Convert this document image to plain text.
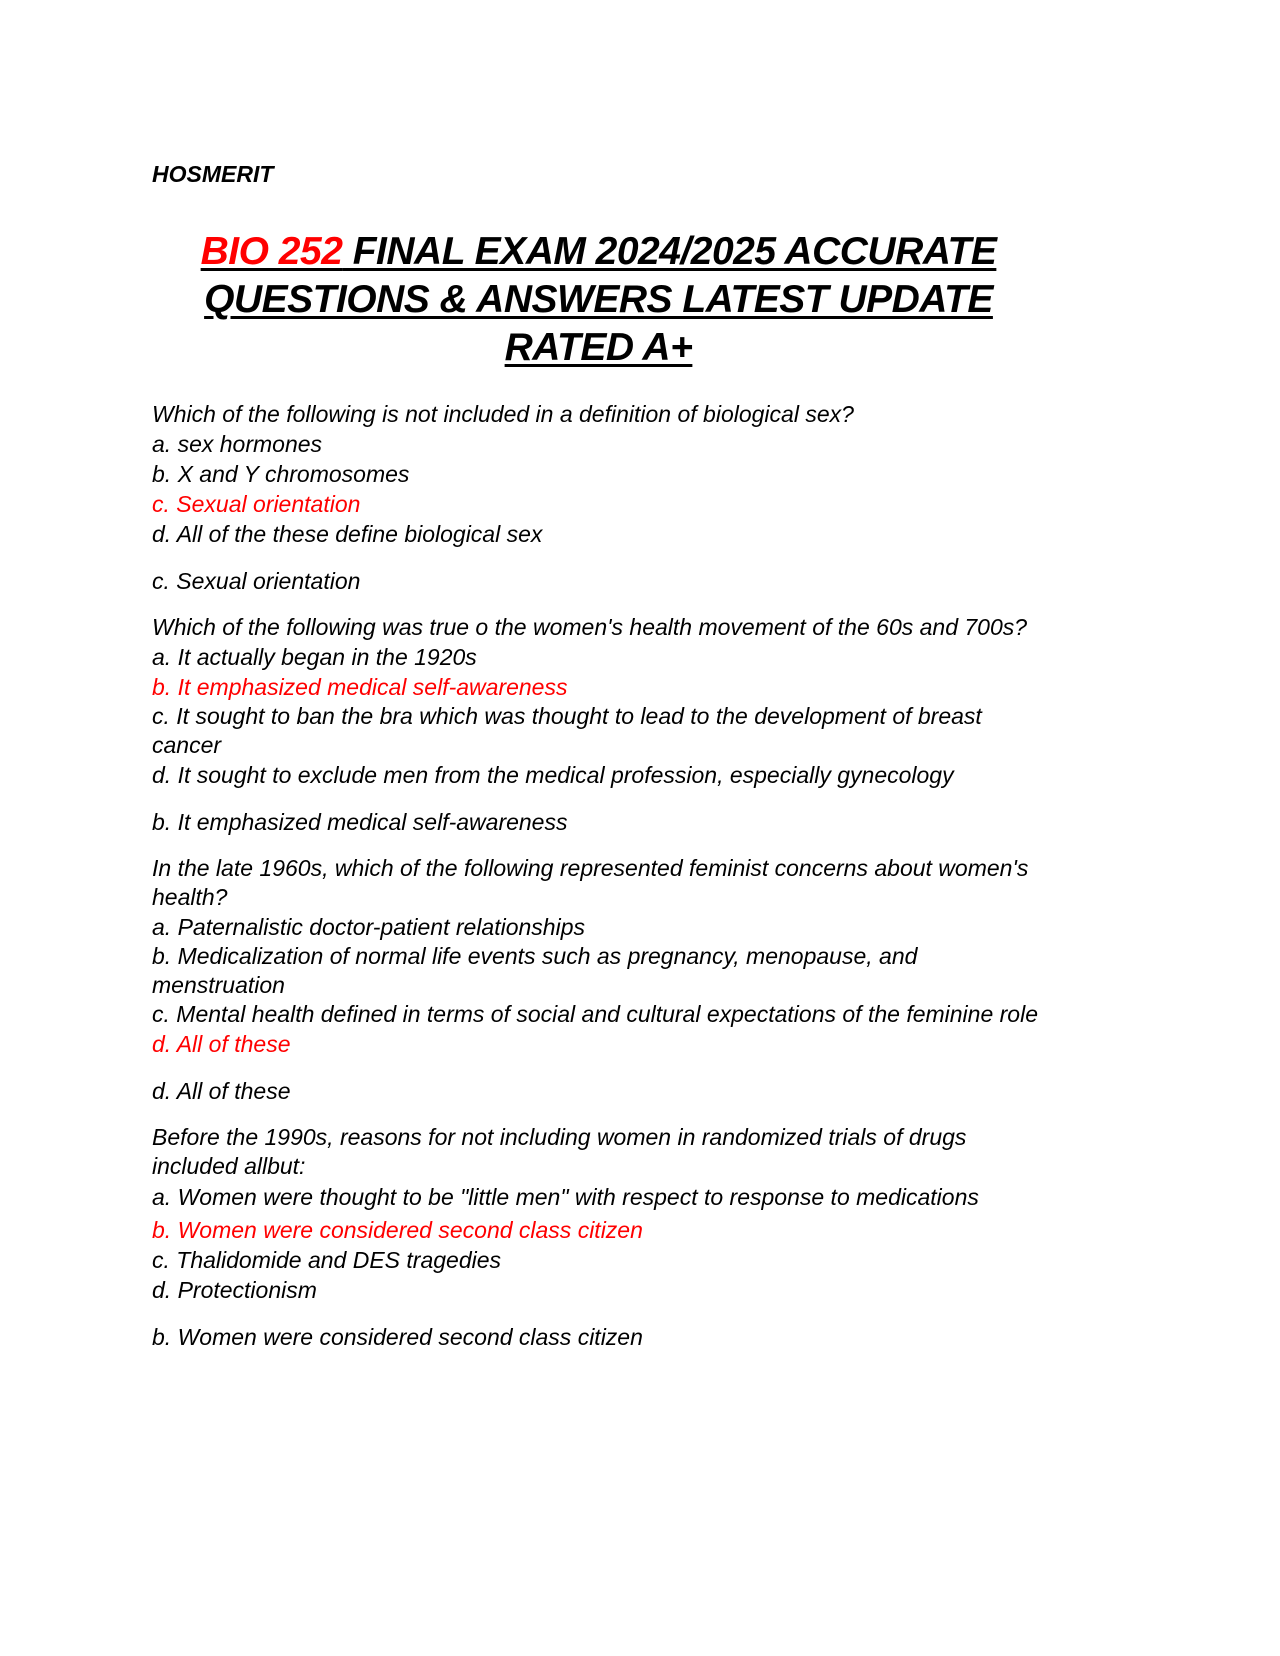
HOSMERIT

BIO 252 FINAL EXAM 2024/2025 ACCURATE QUESTIONS & ANSWERS LATEST UPDATE RATED A+

Which of the following is not included in a definition of biological sex?

a. sex hormones

b. X and Y chromosomes

c. Sexual orientation

d. All of the these define biological sex

c. Sexual orientation

Which of the following was true o the women's health movement of the 60s and 700s?

a. It actually began in the 1920s

b. It emphasized medical self-awareness

c. It sought to ban the bra which was thought to lead to the development of breast cancer

d. It sought to exclude men from the medical profession, especially gynecology

b. It emphasized medical self-awareness

In the late 1960s, which of the following represented feminist concerns about women's health?

a. Paternalistic doctor-patient relationships

b. Medicalization of normal life events such as pregnancy, menopause, and menstruation

c. Mental health defined in terms of social and cultural expectations of the feminine role

d. All of these

d. All of these

Before the 1990s, reasons for not including women in randomized trials of drugs included allbut:

a. Women were thought to be "little men" with respect to response to medications

b. Women were considered second class citizen

c. Thalidomide and DES tragedies

d. Protectionism

b. Women were considered second class citizen
